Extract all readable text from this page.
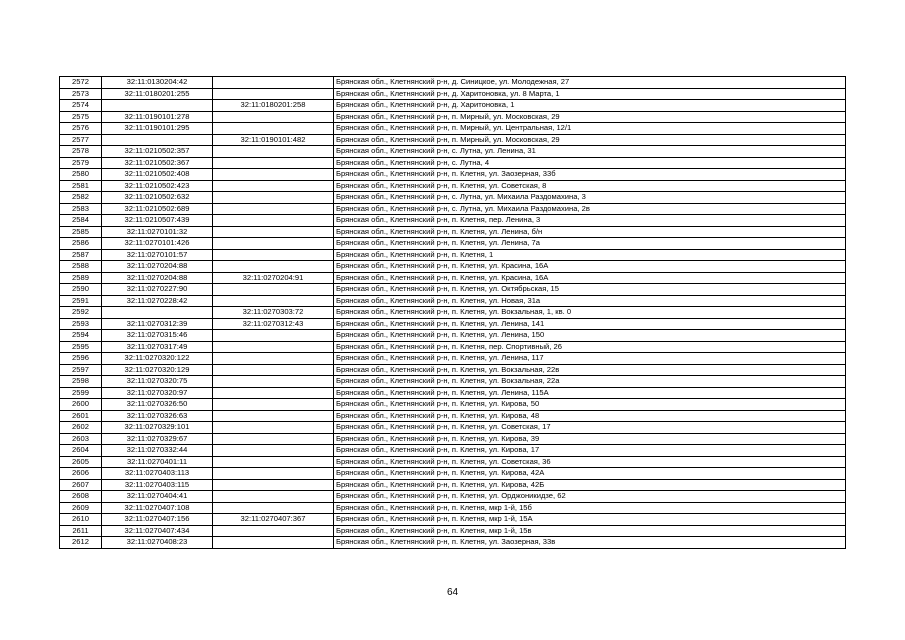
2572	32:11:0130204:42		Брянская обл., Клетнянский р-н, д. Синицкое, ул. Молодежная, 27
2573	32:11:0180201:255		Брянская обл., Клетнянский р-н, д. Харитоновка, ул. 8 Марта, 1
2574		32:11:0180201:258	Брянская обл., Клетнянский р-н, д. Харитоновка, 1
2575	32:11:0190101:278		Брянская обл., Клетнянский р-н, п. Мирный, ул. Московская, 29
2576	32:11:0190101:295		Брянская обл., Клетнянский р-н, п. Мирный, ул. Центральная, 12/1
2577		32:11:0190101:482	Брянская обл., Клетнянский р-н, п. Мирный, ул. Московская, 29
2578	32:11:0210502:357		Брянская обл., Клетнянский р-н, с. Лутна, ул. Ленина, 31
2579	32:11:0210502:367		Брянская обл., Клетнянский р-н, с. Лутна, 4
2580	32:11:0210502:408		Брянская обл., Клетнянский р-н, п. Клетня, ул. Заозерная, 33б
2581	32:11:0210502:423		Брянская обл., Клетнянский р-н, п. Клетня, ул. Советская, 8
2582	32:11:0210502:632		Брянская обл., Клетнянский р-н, с. Лутна, ул. Михаила Раздомахина, 3
2583	32:11:0210502:689		Брянская обл., Клетнянский р-н, с. Лутна, ул. Михаила Раздомахина, 2в
2584	32:11:0210507:439		Брянская обл., Клетнянский р-н, п. Клетня, пер. Ленина, 3
2585	32:11:0270101:32		Брянская обл., Клетнянский р-н, п. Клетня, ул. Ленина, б/н
2586	32:11:0270101:426		Брянская обл., Клетнянский р-н, п. Клетня, ул. Ленина, 7а
2587	32:11:0270101:57		Брянская обл., Клетнянский р-н, п. Клетня, 1
2588	32:11:0270204:88		Брянская обл., Клетнянский р-н, п. Клетня, ул. Красина, 16А
2589	32:11:0270204:88	32:11:0270204:91	Брянская обл., Клетнянский р-н, п. Клетня, ул. Красина, 16А
2590	32:11:0270227:90		Брянская обл., Клетнянский р-н, п. Клетня, ул. Октябрьская, 15
2591	32:11:0270228:42		Брянская обл., Клетнянский р-н, п. Клетня, ул. Новая, 31а
2592		32:11:0270303:72	Брянская обл., Клетнянский р-н, п. Клетня, ул. Вокзальная, 1, кв. 0
2593	32:11:0270312:39	32:11:0270312:43	Брянская обл., Клетнянский р-н, п. Клетня, ул. Ленина, 141
2594	32:11:0270315:46		Брянская обл., Клетнянский р-н, п. Клетня, ул. Ленина, 150
2595	32:11:0270317:49		Брянская обл., Клетнянский р-н, п. Клетня, пер. Спортивный, 26
2596	32:11:0270320:122		Брянская обл., Клетнянский р-н, п. Клетня, ул. Ленина, 117
2597	32:11:0270320:129		Брянская обл., Клетнянский р-н, п. Клетня, ул. Вокзальная, 22в
2598	32:11:0270320:75		Брянская обл., Клетнянский р-н, п. Клетня, ул. Вокзальная, 22а
2599	32:11:0270320:97		Брянская обл., Клетнянский р-н, п. Клетня, ул. Ленина, 115А
2600	32:11:0270326:50		Брянская обл., Клетнянский р-н, п. Клетня, ул. Кирова, 50
2601	32:11:0270326:63		Брянская обл., Клетнянский р-н, п. Клетня, ул. Кирова, 48
2602	32:11:0270329:101		Брянская обл., Клетнянский р-н, п. Клетня, ул. Советская, 17
2603	32:11:0270329:67		Брянская обл., Клетнянский р-н, п. Клетня, ул. Кирова, 39
2604	32:11:0270332:44		Брянская обл., Клетнянский р-н, п. Клетня, ул. Кирова, 17
2605	32:11:0270401:11		Брянская обл., Клетнянский р-н, п. Клетня, ул. Советская, 36
2606	32:11:0270403:113		Брянская обл., Клетнянский р-н, п. Клетня, ул. Кирова, 42А
2607	32:11:0270403:115		Брянская обл., Клетнянский р-н, п. Клетня, ул. Кирова, 42Б
2608	32:11:0270404:41		Брянская обл., Клетнянский р-н, п. Клетня, ул. Орджоникидзе, 62
2609	32:11:0270407:108		Брянская обл., Клетнянский р-н, п. Клетня, мкр 1-й, 15б
2610	32:11:0270407:156	32:11:0270407:367	Брянская обл., Клетнянский р-н, п. Клетня, мкр 1-й, 15А
2611	32:11:0270407:434		Брянская обл., Клетнянский р-н, п. Клетня, мкр 1-й, 15в
2612	32:11:0270408:23		Брянская обл., Клетнянский р-н, п. Клетня, ул. Заозерная, 33в
64
